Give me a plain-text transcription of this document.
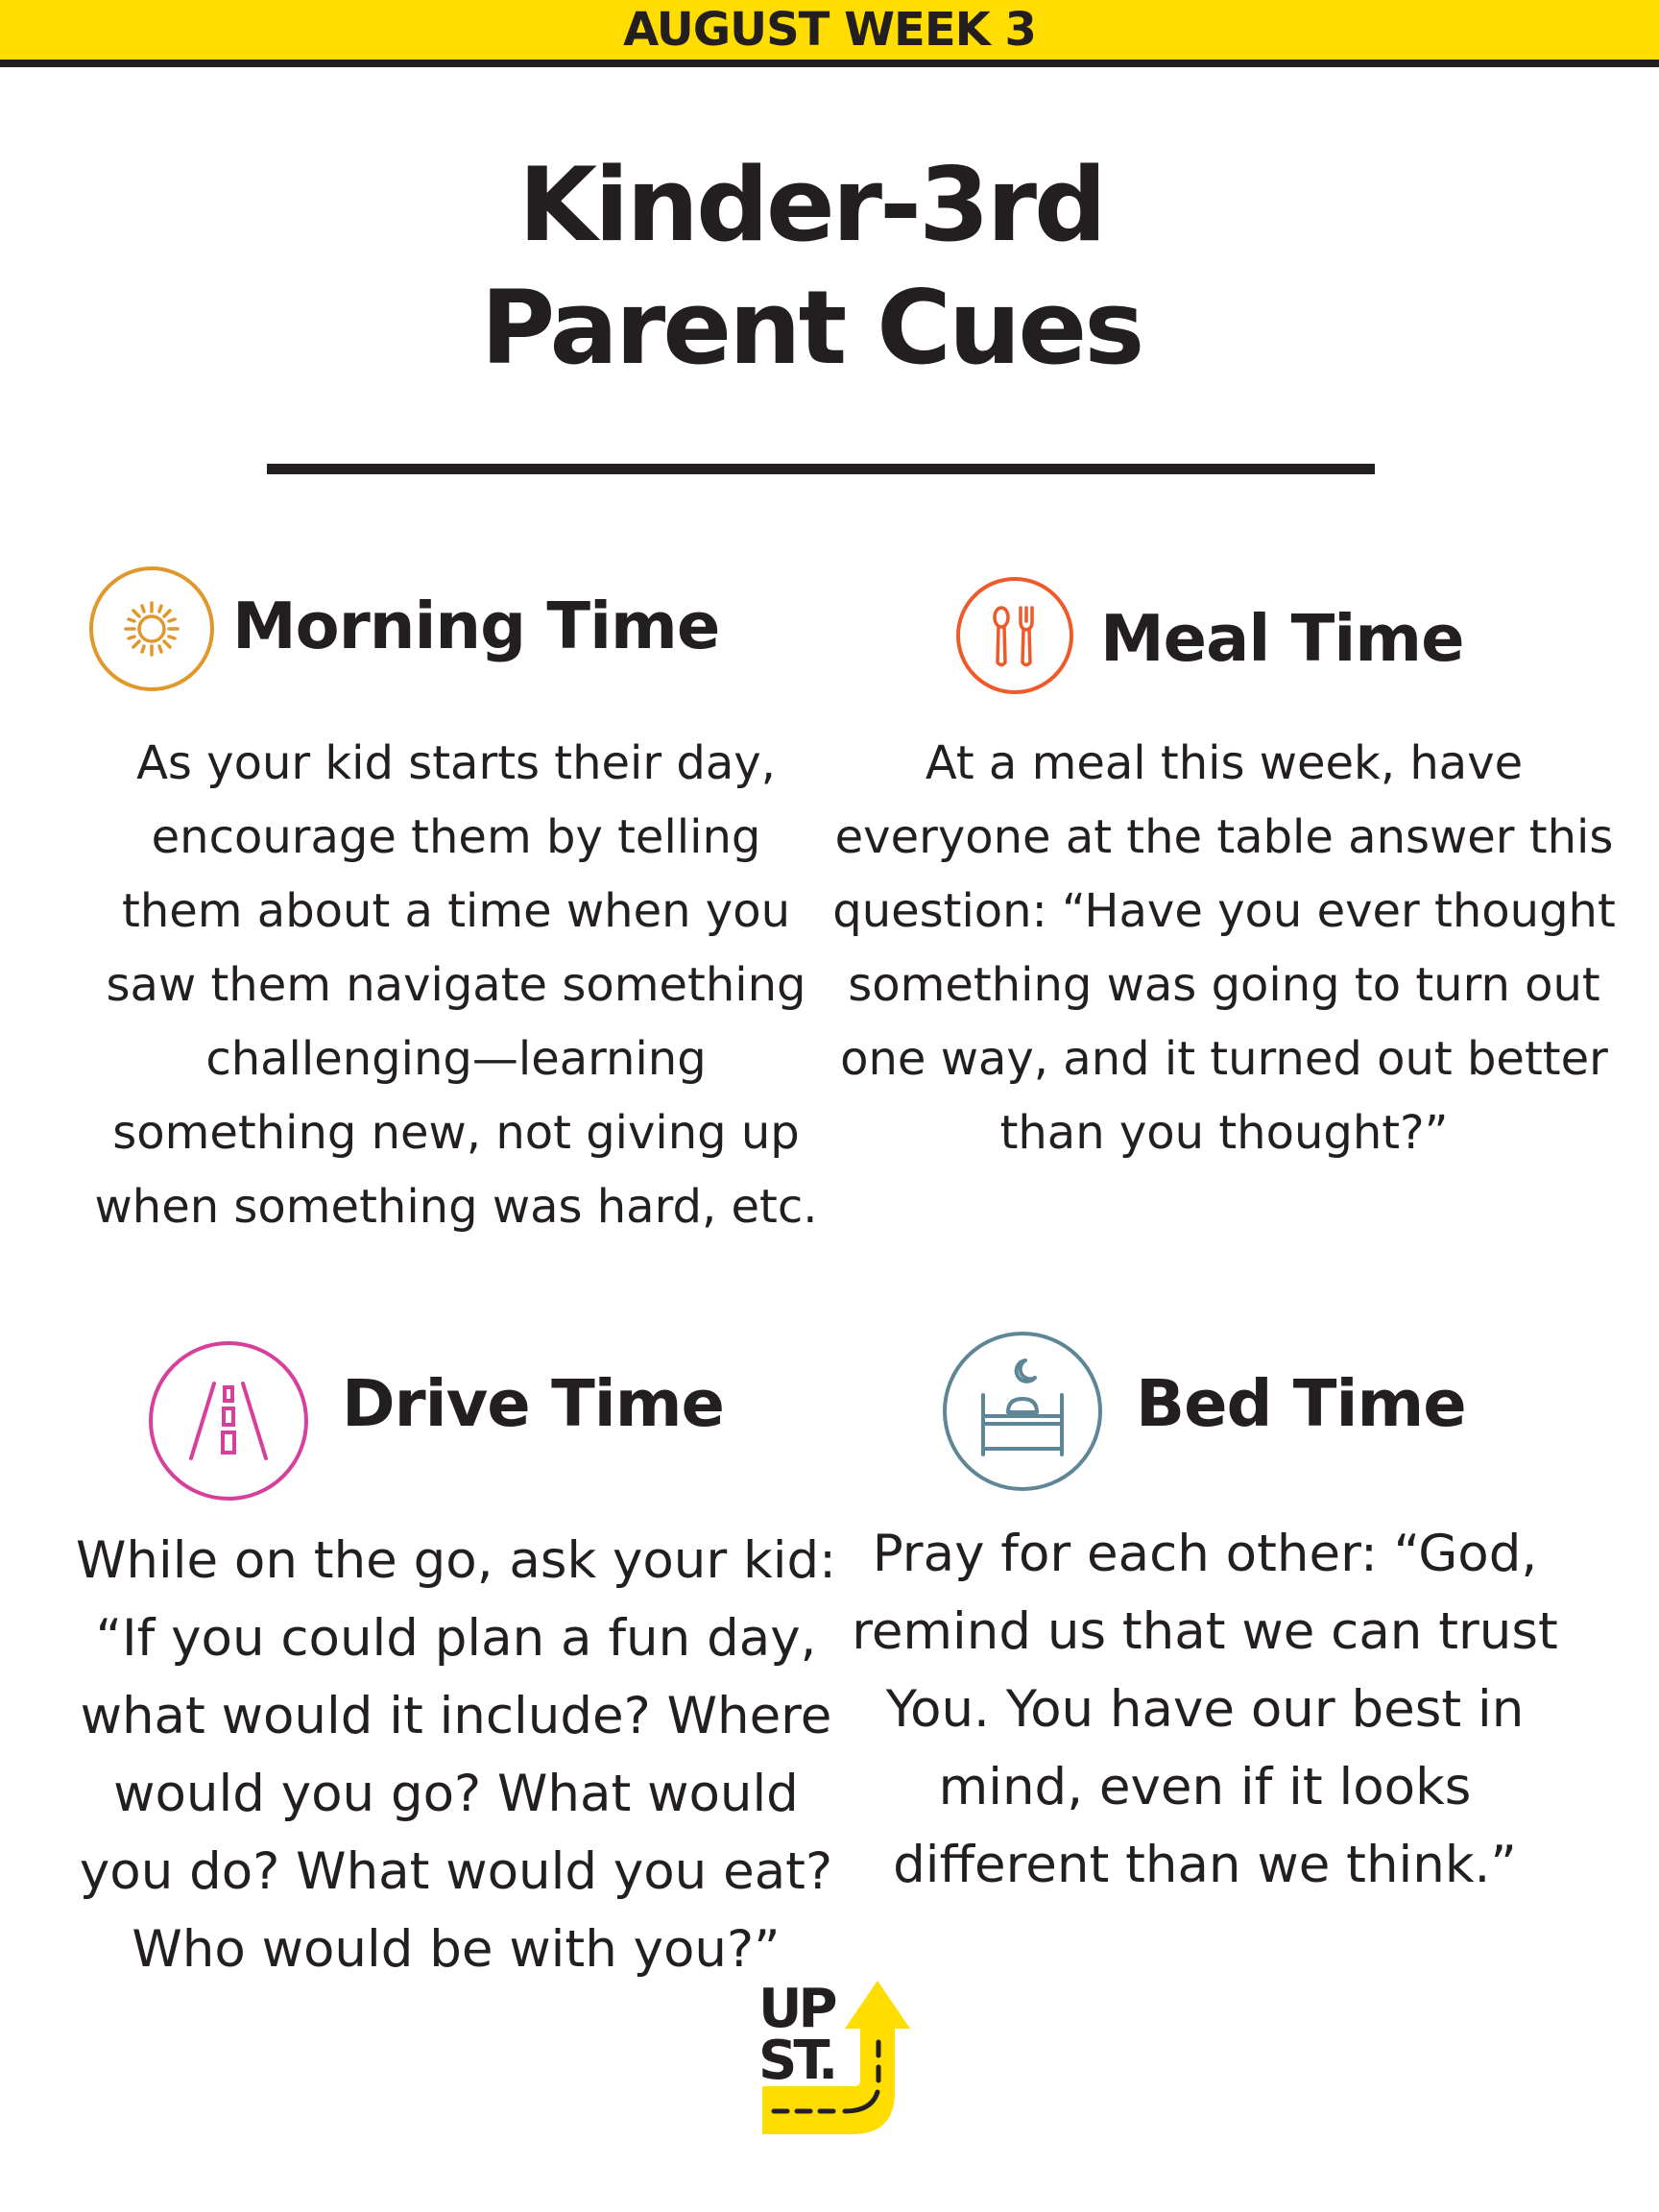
AUGUST WEEK 3
Kinder-3rd
Parent Cues
Morning Time
As your kid starts their day, encourage them by telling them about a time when you saw them navigate something challenging—learning something new, not giving up when something was hard, etc.
Meal Time
At a meal this week, have everyone at the table answer this question: “Have you ever thought something was going to turn out one way, and it turned out better than you thought?”
Drive Time
While on the go, ask your kid: “If you could plan a fun day, what would it include? Where would you go? What would you do? What would you eat? Who would be with you?”
Bed Time
Pray for each other: “God, remind us that we can trust You. You have our best in mind, even if it looks different than we think.”
UP
ST.
